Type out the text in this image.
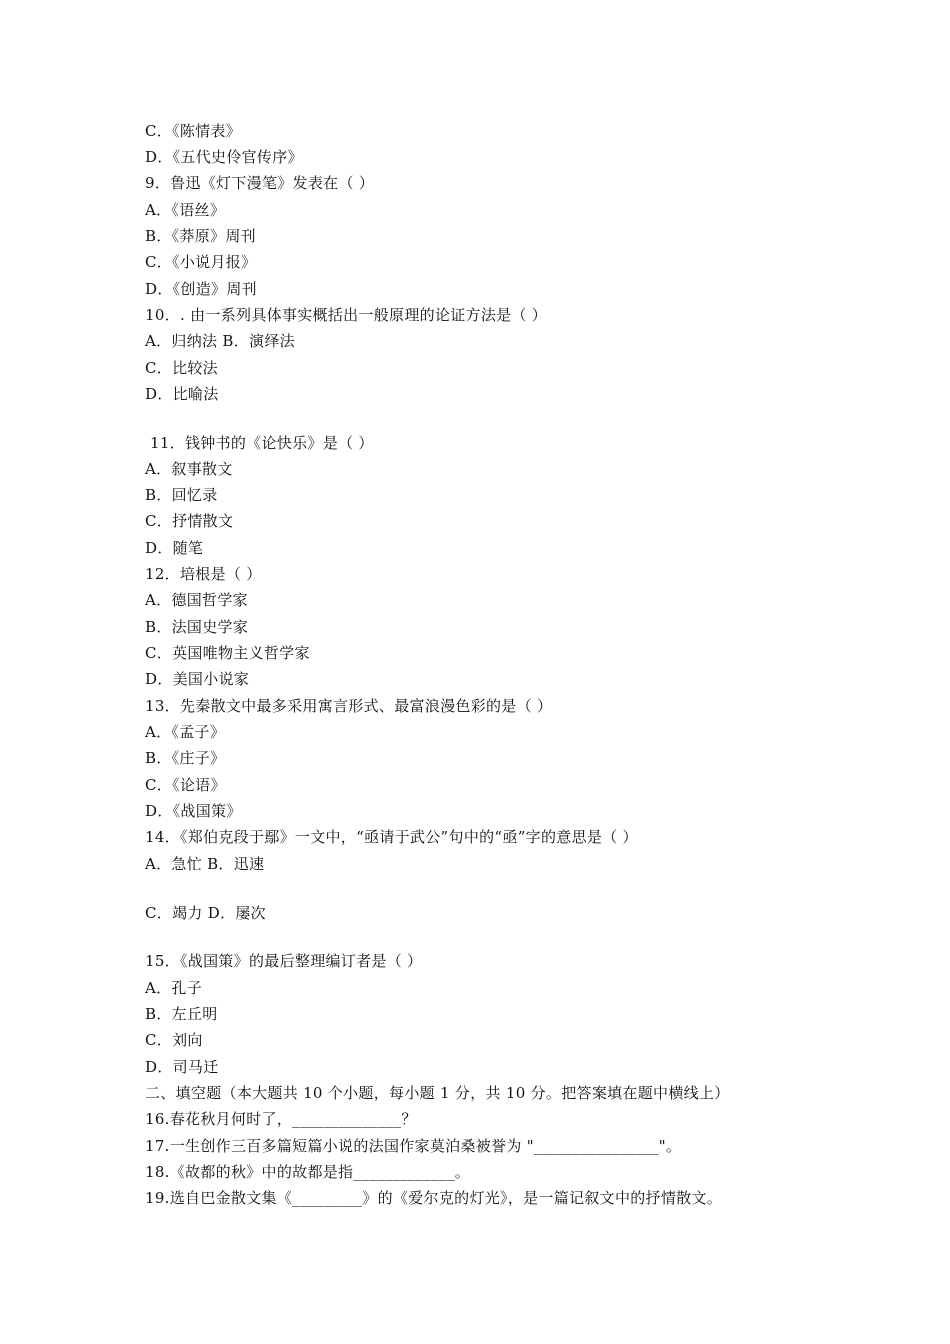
C．《陈情表》
D．《五代史伶官传序》
9．鲁迅《灯下漫笔》发表在（ ）
A．《语丝》
B．《莽原》周刊
C．《小说月报》
D．《创造》周刊
10．. 由一系列具体事实概括出一般原理的论证方法是（ ）
A．归纳法 B．演绎法
C．比较法
D．比喻法
11．钱钟书的《论快乐》是（ ）
A．叙事散文
B．回忆录
C．抒情散文
D．随笔
12．培根是（ ）
A．德国哲学家
B．法国史学家
C．英国唯物主义哲学家
D．美国小说家
13．先秦散文中最多采用寓言形式、最富浪漫色彩的是（ ）
A．《孟子》
B．《庄子》
C．《论语》
D．《战国策》
14．《郑伯克段于鄢》一文中，“亟请于武公”句中的“亟”字的意思是（ ）
A．急忙 B．迅速
C．竭力 D．屡次
15．《战国策》的最后整理编订者是（ ）
A．孔子
B．左丘明
C．刘向
D．司马迁
二、填空题（本大题共 10 个小题，每小题 1 分，共 10 分。把答案填在题中横线上）
16.春花秋月何时了，______________？
17.一生创作三百多篇短篇小说的法国作家莫泊桑被誉为 "________________"。
18.《故都的秋》中的故都是指_____________。
19.选自巴金散文集《_________》的《爱尔克的灯光》，是一篇记叙文中的抒情散文。
